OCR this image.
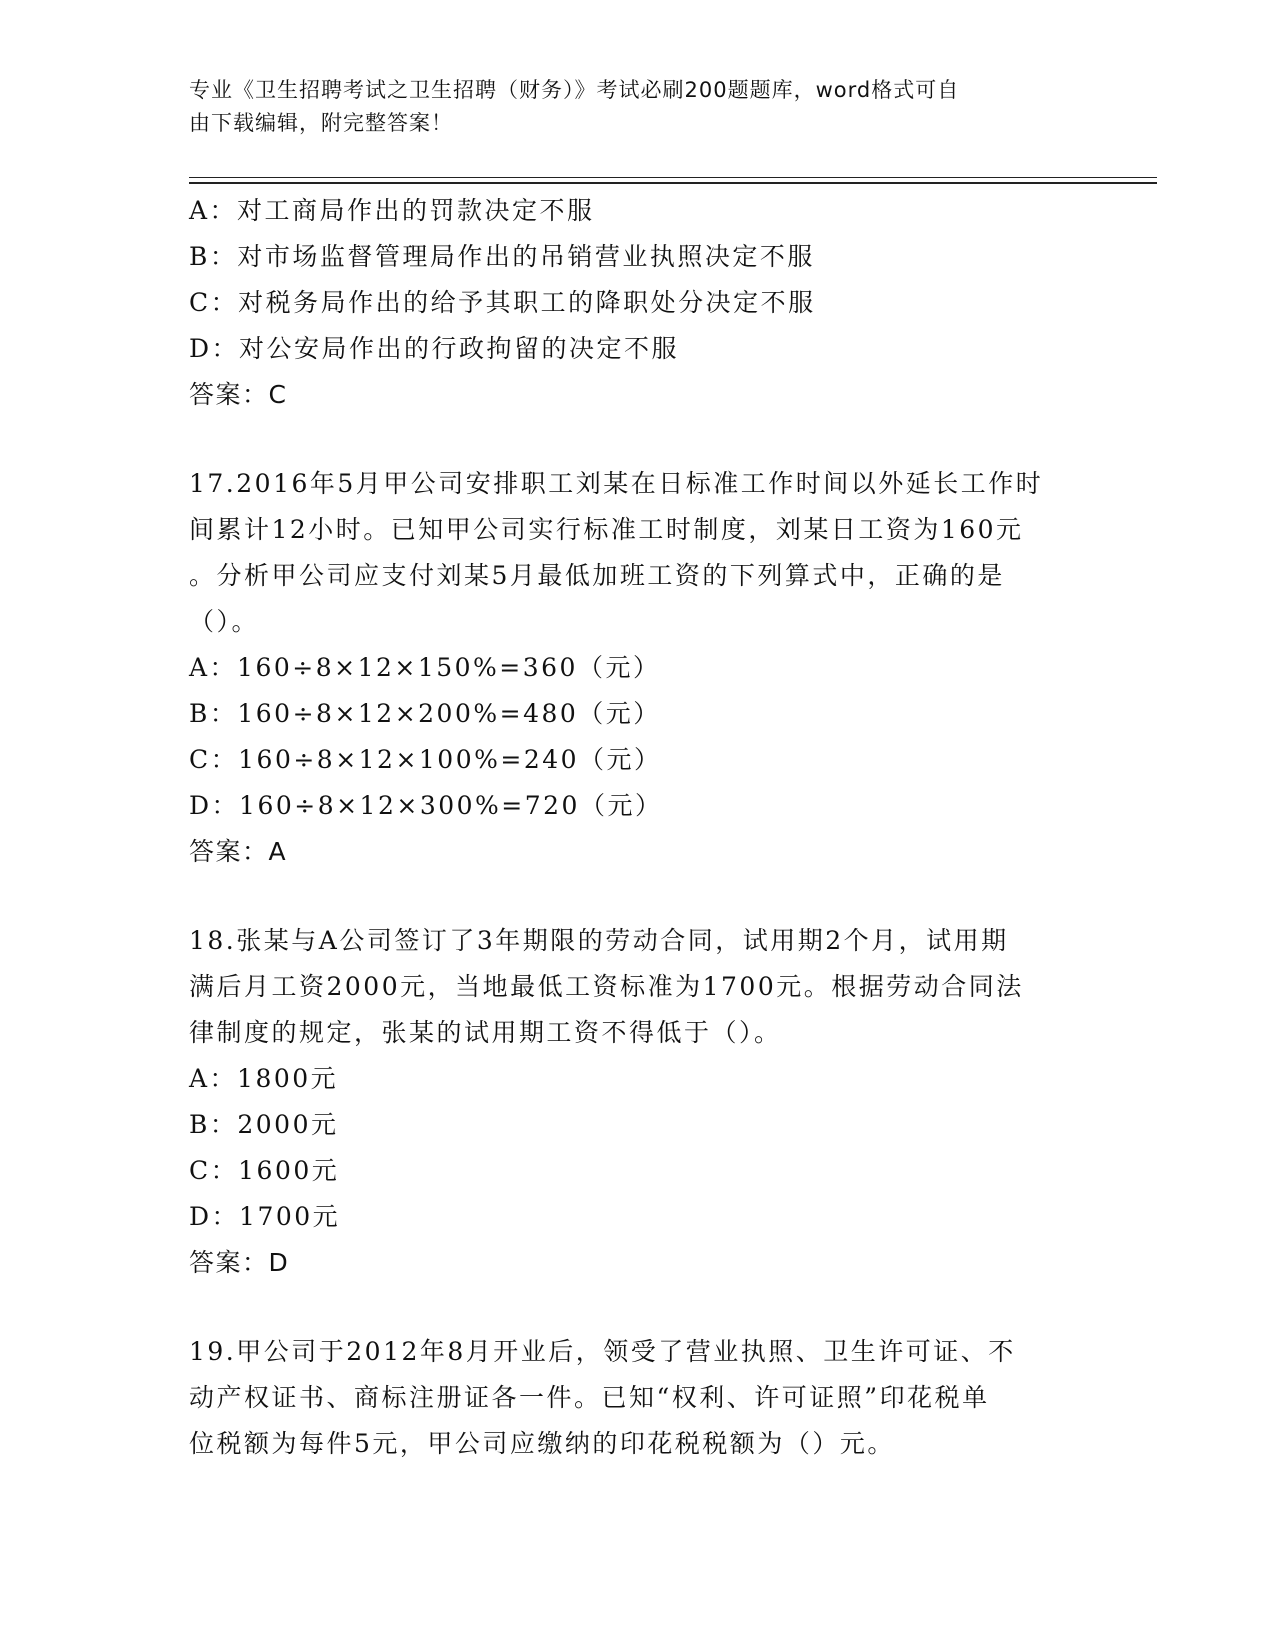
专业《卫生招聘考试之卫生招聘（财务）》考试必刷200题题库，word格式可自
由下载编辑，附完整答案！
A：对工商局作出的罚款决定不服
B：对市场监督管理局作出的吊销营业执照决定不服
C：对税务局作出的给予其职工的降职处分决定不服
D：对公安局作出的行政拘留的决定不服
答案：C
17.2016年5月甲公司安排职工刘某在日标准工作时间以外延长工作时
间累计12小时。已知甲公司实行标准工时制度，刘某日工资为160元
。分析甲公司应支付刘某5月最低加班工资的下列算式中，正确的是
（）。
A：160÷8×12×150%=360（元）
B：160÷8×12×200%=480（元）
C：160÷8×12×100%=240（元）
D：160÷8×12×300%=720（元）
答案：A
18.张某与A公司签订了3年期限的劳动合同，试用期2个月，试用期
满后月工资2000元，当地最低工资标准为1700元。根据劳动合同法
律制度的规定，张某的试用期工资不得低于（）。
A：1800元
B：2000元
C：1600元
D：1700元
答案：D
19.甲公司于2012年8月开业后，领受了营业执照、卫生许可证、不
动产权证书、商标注册证各一件。已知“权利、许可证照”印花税单
位税额为每件5元，甲公司应缴纳的印花税税额为（）元。
